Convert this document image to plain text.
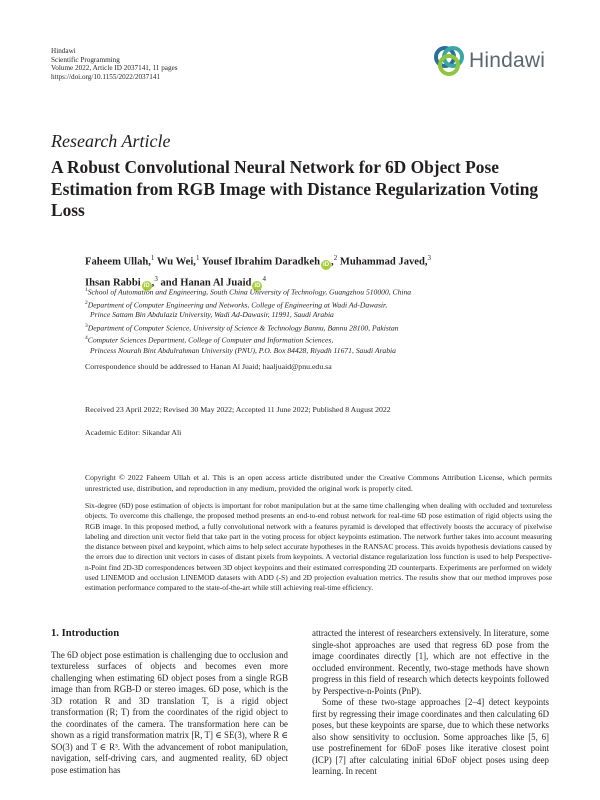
Hindawi
Scientific Programming
Volume 2022, Article ID 2037141, 11 pages
https://doi.org/10.1155/2022/2037141
Hindawi
Research Article
A Robust Convolutional Neural Network for 6D Object Pose Estimation from RGB Image with Distance Regularization Voting Loss
Faheem Ullah,$^1$ Wu Wei,$^1$ Yousef Ibrahim Daradkeh iD ,$^2$ Muhammad Javed,$^3$
Ihsan Rabbi iD ,$^3$ and Hanan Al Juaid $iD^4$
$^1$School of Automation and Engineering, South China University of Technology, Guangzhou 510000, China
$^2$Department of Computer Engineering and Networks, College of Engineering at Wadi Ad-Dawasir,
Prince Sattam Bin Abdulaziz University, Wadi Ad-Dawasir, 11991, Saudi Arabia
$^3$Department of Computer Science, University of Science & Technology Bannu, Bannu 28100, Pakistan
$^4$Computer Sciences Department, College of Computer and Information Sciences,
Princess Nourah Bint Abdulrahman University (PNU), P.O. Box 84428, Riyadh 11671, Saudi Arabia
Correspondence should be addressed to Hanan Al Juaid; haaljuaid@pnu.edu.sa
Received 23 April 2022; Revised 30 May 2022; Accepted 11 June 2022; Published 8 August 2022
Academic Editor: Sikandar Ali
Copyright © 2022 Faheem Ullah et al. This is an open access article distributed under the Creative Commons Attribution License, which permits unrestricted use, distribution, and reproduction in any medium, provided the original work is properly cited.
Six-degree (6D) pose estimation of objects is important for robot manipulation but at the same time challenging when dealing with occluded and textureless objects. To overcome this challenge, the proposed method presents an end-to-end robust network for real-time 6D pose estimation of rigid objects using the RGB image. In this proposed method, a fully convolutional network with a features pyramid is developed that effectively boosts the accuracy of pixelwise labeling and direction unit vector field that take part in the voting process for object keypoints estimation. The network further takes into account measuring the distance between pixel and keypoint, which aims to help select accurate hypotheses in the RANSAC process. This avoids hypothesis deviations caused by the errors due to direction unit vectors in cases of distant pixels from keypoints. A vectorial distance regularization loss function is used to help Perspective-n-Point find 2D-3D correspondences between 3D object keypoints and their estimated corresponding 2D counterparts. Experiments are performed on widely used LINEMOD and occlusion LINEMOD datasets with ADD (-S) and 2D projection evaluation metrics. The results show that our method improves pose estimation performance compared to the state-of-the-art while still achieving real-time efficiency.
1. Introduction

The 6D object pose estimation is challenging due to occlusion and textureless surfaces of objects and becomes even more challenging when estimating 6D object poses from a single RGB image than from RGB-D or stereo images. 6D pose, which is the 3D rotation R and 3D translation T, is a rigid object transformation (R; T) from the coordinates of the rigid object to the coordinates of the camera. The transformation here can be shown as a rigid transformation matrix [R, T] ∈ SE(3), where R ∈ SO(3) and T ∈ R³. With the advancement of robot manipulation, navigation, self-driving cars, and augmented reality, 6D object pose estimation has

attracted the interest of researchers extensively. In literature, some single-shot approaches are used that regress 6D pose from the image coordinates directly [1], which are not effective in the occluded environment. Recently, two-stage methods have shown progress in this field of research which detects keypoints followed by Perspective-n-Points (PnP).

Some of these two-stage approaches [2–4] detect keypoints first by regressing their image coordinates and then calculating 6D poses, but these keypoints are sparse, due to which these networks also show sensitivity to occlusion. Some approaches like [5, 6] use postrefinement for 6DoF poses like iterative closest point (ICP) [7] after calculating initial 6DoF object poses using deep learning. In recent
